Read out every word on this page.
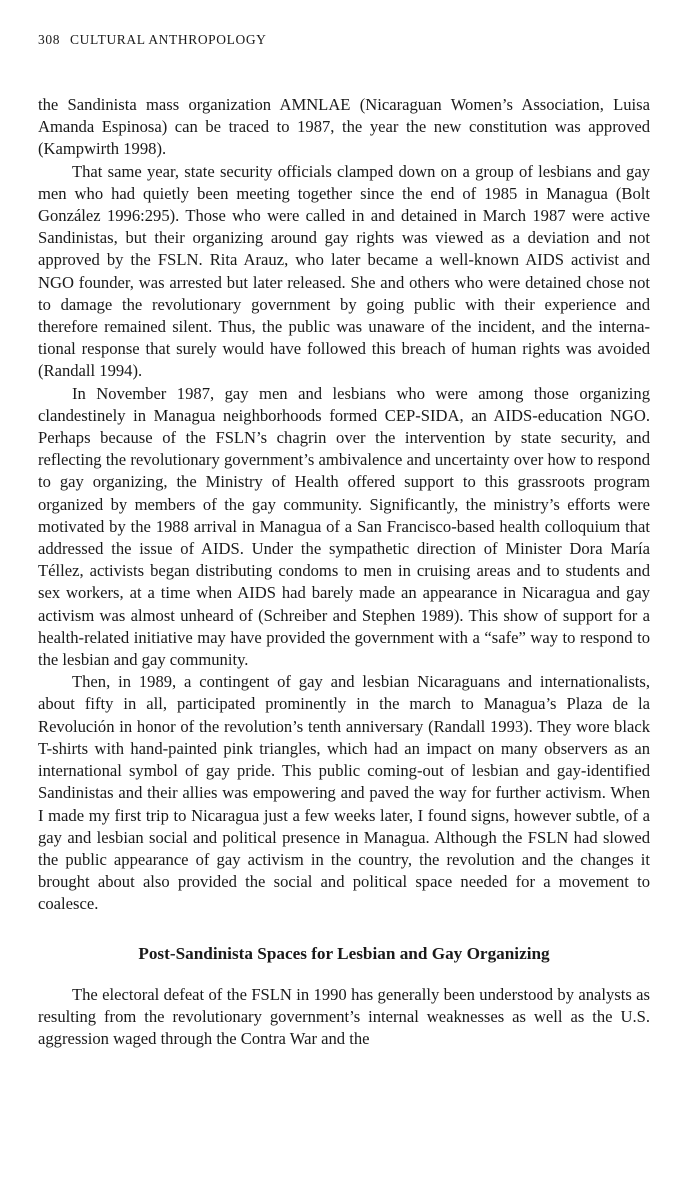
308 CULTURAL ANTHROPOLOGY

the Sandinista mass organization AMNLAE (Nicaraguan Women’s Association, Luisa Amanda Espinosa) can be traced to 1987, the year the new constitution was approved (Kampwirth 1998).

That same year, state security officials clamped down on a group of lesbians and gay men who had quietly been meeting together since the end of 1985 in Managua (Bolt González 1996:295). Those who were called in and detained in March 1987 were active Sandinistas, but their organizing around gay rights was viewed as a deviation and not approved by the FSLN. Rita Arauz, who later became a well-known AIDS activist and NGO founder, was arrested but later released. She and others who were detained chose not to damage the revolutionary government by going public with their experience and therefore remained silent. Thus, the public was unaware of the incident, and the international response that surely would have followed this breach of human rights was avoided (Randall 1994).

In November 1987, gay men and lesbians who were among those organizing clandestinely in Managua neighborhoods formed CEP-SIDA, an AIDS-education NGO. Perhaps because of the FSLN’s chagrin over the intervention by state security, and reflecting the revolutionary government’s ambivalence and uncertainty over how to respond to gay organizing, the Ministry of Health offered support to this grassroots program organized by members of the gay community. Significantly, the ministry’s efforts were motivated by the 1988 arrival in Managua of a San Francisco-based health colloquium that addressed the issue of AIDS. Under the sympathetic direction of Minister Dora María Téllez, activists began distributing condoms to men in cruising areas and to students and sex workers, at a time when AIDS had barely made an appearance in Nicaragua and gay activism was almost unheard of (Schreiber and Stephen 1989). This show of support for a health-related initiative may have provided the government with a “safe” way to respond to the lesbian and gay community.

Then, in 1989, a contingent of gay and lesbian Nicaraguans and internationalists, about fifty in all, participated prominently in the march to Managua’s Plaza de la Revolución in honor of the revolution’s tenth anniversary (Randall 1993). They wore black T-shirts with hand-painted pink triangles, which had an impact on many observers as an international symbol of gay pride. This public coming-out of lesbian and gay-identified Sandinistas and their allies was empowering and paved the way for further activism. When I made my first trip to Nicaragua just a few weeks later, I found signs, however subtle, of a gay and lesbian social and political presence in Managua. Although the FSLN had slowed the public appearance of gay activism in the country, the revolution and the changes it brought about also provided the social and political space needed for a movement to coalesce.

Post-Sandinista Spaces for Lesbian and Gay Organizing

The electoral defeat of the FSLN in 1990 has generally been understood by analysts as resulting from the revolutionary government’s internal weaknesses as well as the U.S. aggression waged through the Contra War and the
